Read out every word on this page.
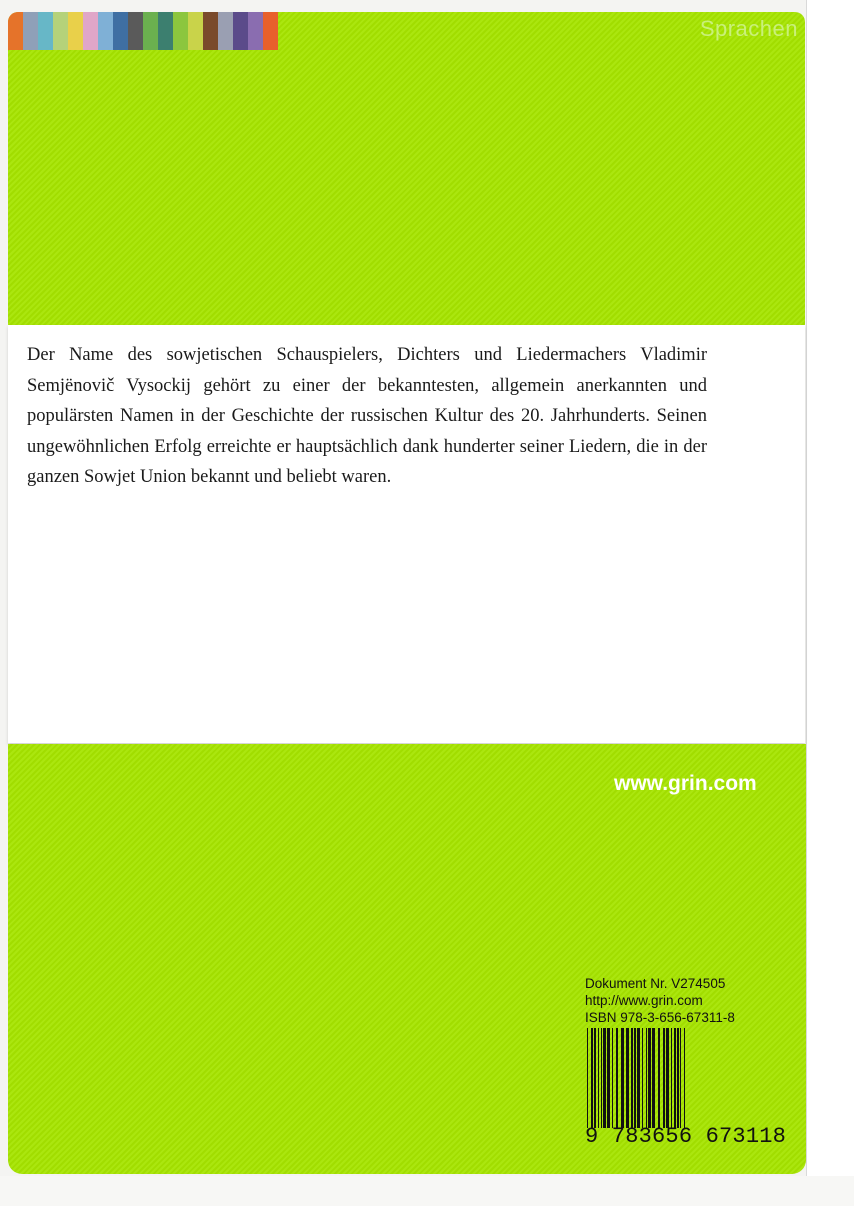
Sprachen

Der Name des sowjetischen Schauspielers, Dichters und Liedermachers Vladimir Semjënovič Vysockij gehört zu einer der bekanntesten, allgemein anerkannten und populärsten Namen in der Geschichte der russischen Kultur des 20. Jahrhunderts. Seinen ungewöhnlichen Erfolg erreichte er hauptsächlich dank hunderter seiner Liedern, die in der ganzen Sowjet Union bekannt und beliebt waren.

www.grin.com
Dokument Nr. V274505
http://www.grin.com
ISBN 978-3-656-67311-8
9 783656 673118
